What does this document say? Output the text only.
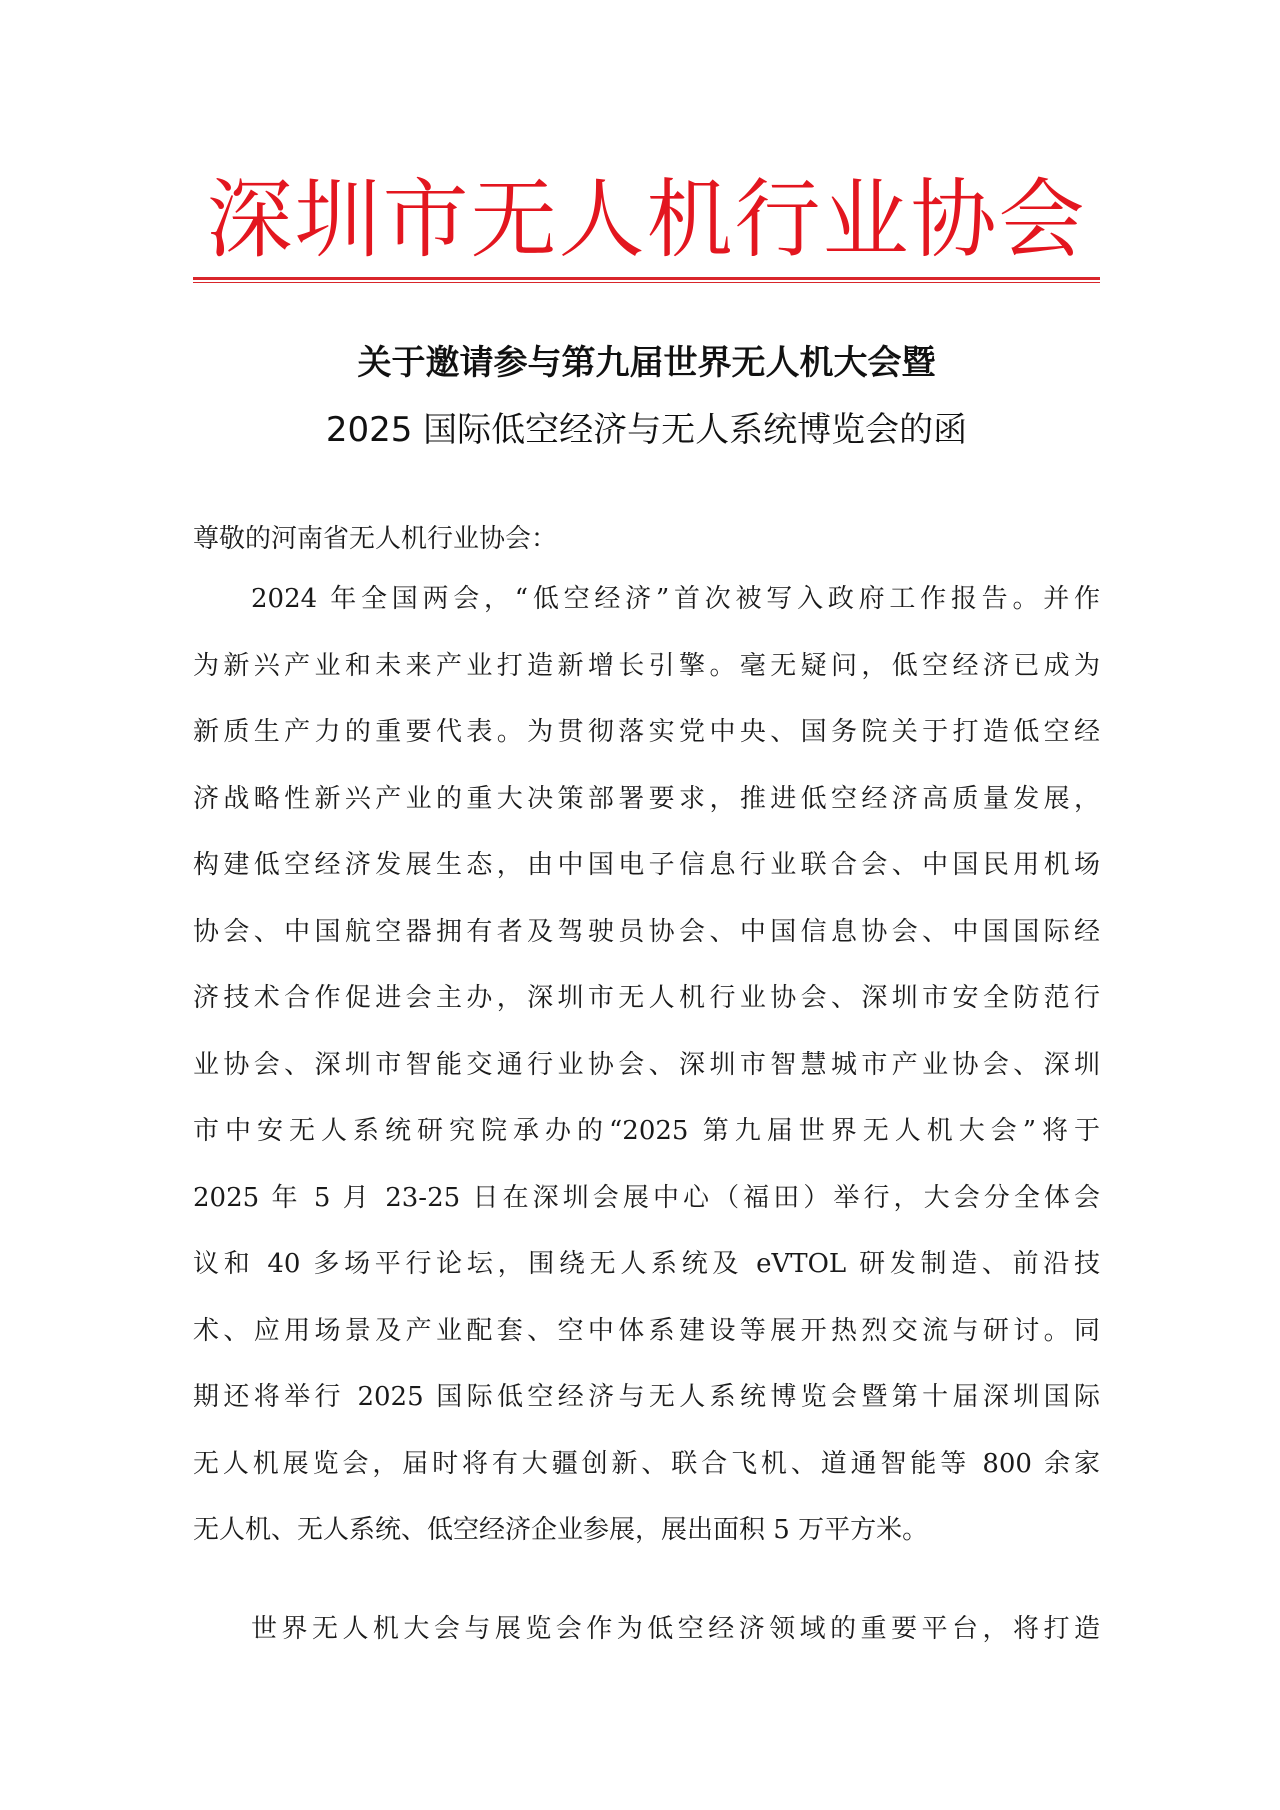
深圳市无人机行业协会
关于邀请参与第九届世界无人机大会暨
2025 国际低空经济与无人系统博览会的函
尊敬的河南省无人机行业协会：
2024 年全国两会，“低空经济”首次被写入政府工作报告。并作
为新兴产业和未来产业打造新增长引擎。毫无疑问，低空经济已成为
新质生产力的重要代表。为贯彻落实党中央、国务院关于打造低空经
济战略性新兴产业的重大决策部署要求，推进低空经济高质量发展，
构建低空经济发展生态，由中国电子信息行业联合会、中国民用机场
协会、中国航空器拥有者及驾驶员协会、中国信息协会、中国国际经
济技术合作促进会主办，深圳市无人机行业协会、深圳市安全防范行
业协会、深圳市智能交通行业协会、深圳市智慧城市产业协会、深圳
市中安无人系统研究院承办的“2025 第九届世界无人机大会”将于
2025 年 5 月 23-25 日在深圳会展中心（福田）举行，大会分全体会
议和 40 多场平行论坛，围绕无人系统及 eVTOL 研发制造、前沿技
术、应用场景及产业配套、空中体系建设等展开热烈交流与研讨。同
期还将举行 2025 国际低空经济与无人系统博览会暨第十届深圳国际
无人机展览会，届时将有大疆创新、联合飞机、道通智能等 800 余家
无人机、无人系统、低空经济企业参展，展出面积 5 万平方米。
世界无人机大会与展览会作为低空经济领域的重要平台，将打造
